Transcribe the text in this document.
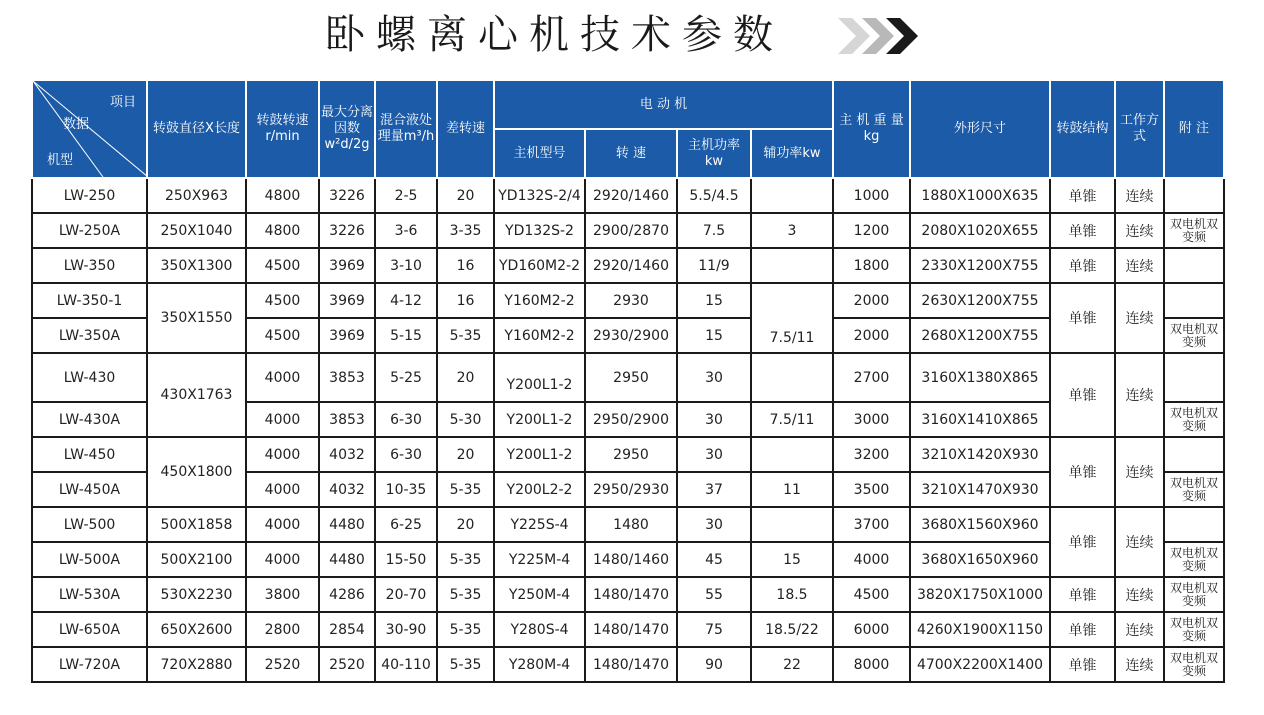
卧螺离心机技术参数
项目
数据
机型	转鼓直径X长度	转鼓转速r/min	最大分离因数w²d/2g	混合液处理量m³/h	差转速	电 动 机				主 机 重 量 kg	外形尺寸	转鼓结构	工作方式	附 注
						主机型号	转 速	主机功率 kw	辅功率kw					
LW-250	250X963	4800	3226	2-5	20	YD132S-2/4	2920/1460	5.5/4.5		1000	1880X1000X635	单锥	连续	
LW-250A	250X1040	4800	3226	3-6	3-35	YD132S-2	2900/2870	7.5	3	1200	2080X1020X655	单锥	连续	双电机双变频
LW-350	350X1300	4500	3969	3-10	16	YD160M2-2	2920/1460	11/9		1800	2330X1200X755	单锥	连续	
LW-350-1	350X1550	4500	3969	4-12	16	Y160M2-2	2930	15	7.5/11	2000	2630X1200X755	单锥	连续	
LW-350A		4500	3969	5-15	5-35	Y160M2-2	2930/2900	15		2000	2680X1200X755			双电机双变频
LW-430	430X1763	4000	3853	5-25	20	Y200L1-2	2950	30		2700	3160X1380X865	单锥	连续	
LW-430A		4000	3853	6-30	5-30	Y200L1-2	2950/2900	30	7.5/11	3000	3160X1410X865			双电机双变频
LW-450	450X1800	4000	4032	6-30	20	Y200L1-2	2950	30		3200	3210X1420X930	单锥	连续	
LW-450A		4000	4032	10-35	5-35	Y200L2-2	2950/2930	37	11	3500	3210X1470X930			双电机双变频
LW-500	500X1858	4000	4480	6-25	20	Y225S-4	1480	30		3700	3680X1560X960	单锥	连续	
LW-500A	500X2100	4000	4480	15-50	5-35	Y225M-4	1480/1460	45	15	4000	3680X1650X960			双电机双变频
LW-530A	530X2230	3800	4286	20-70	5-35	Y250M-4	1480/1470	55	18.5	4500	3820X1750X1000	单锥	连续	双电机双变频
LW-650A	650X2600	2800	2854	30-90	5-35	Y280S-4	1480/1470	75	18.5/22	6000	4260X1900X1150	单锥	连续	双电机双变频
LW-720A	720X2880	2520	2520	40-110	5-35	Y280M-4	1480/1470	90	22	8000	4700X2200X1400	单锥	连续	双电机双变频
